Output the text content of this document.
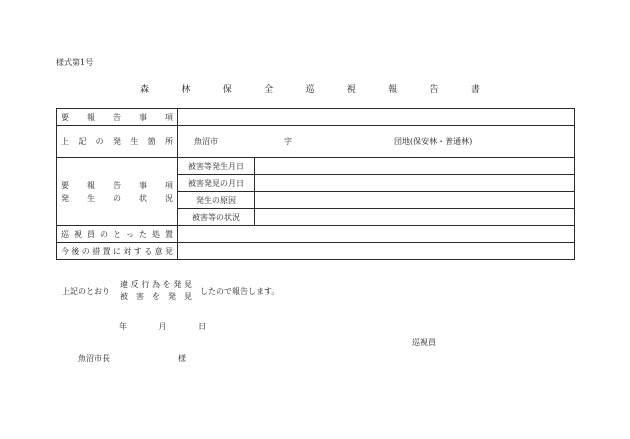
様式第1号
森	林	保	全	巡	視	報	告	書
要報告事項		
上記の発生箇所	魚沼市 字 団地(保安林・普通林)	

要報告事項
発生の状況	被害等発生月日	
	被害発見の月日	
	発生の原因	
	被害等の状況	
巡視員のとった処置		
今後の措置に対する意見		
上記のとおり
違反行為を発見
被害を発見
したので報告します。
年	月	日
巡視員
魚沼市長	様
